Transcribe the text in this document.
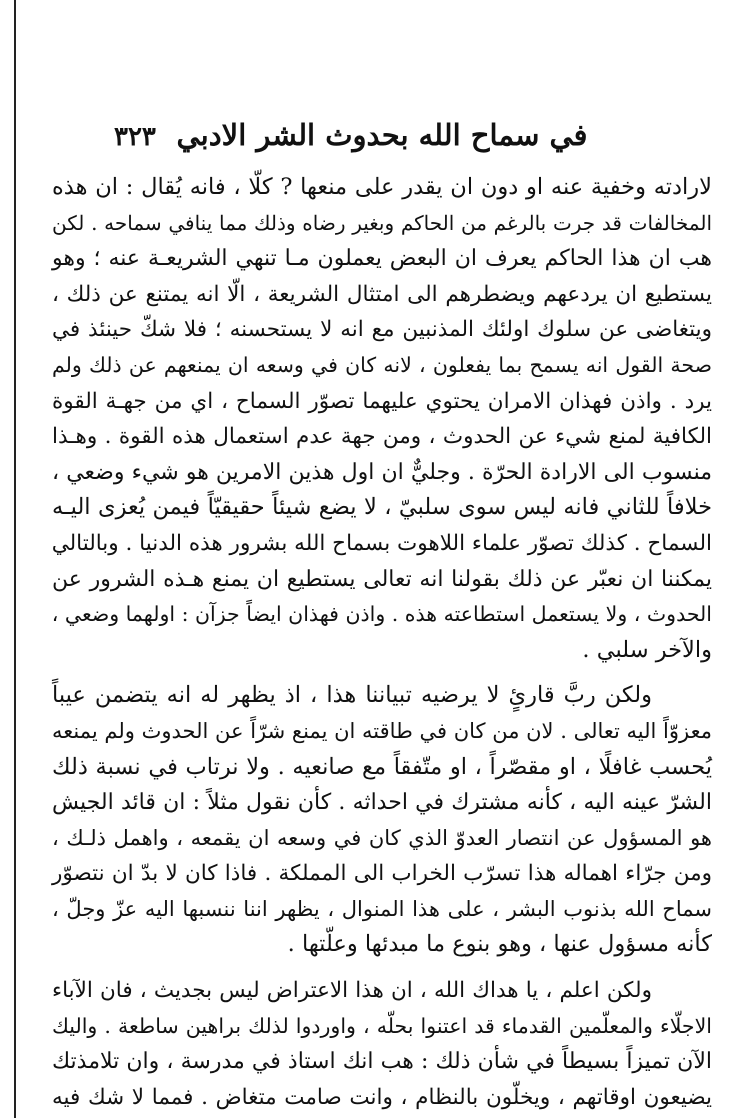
في سماح الله بحدوث الشر الادبي
٣٢٣
لارادته وخفية عنه او دون ان يقدر على منعها ? كلّا ، فانه يُقال : ان هذه
المخالفات قد جرت بالرغم من الحاكم وبغير رضاه وذلك مما ينافي سماحه . لكن
هب ان هذا الحاكم يعرف ان البعض يعملون مـا تنهي الشريعـة عنه ؛ وهو
يستطيع ان يردعهم ويضطرهم الى امتثال الشريعة ، الّا انه يمتنع عن ذلك ،
ويتغاضى عن سلوك اولئك المذنبين مع انه لا يستحسنه ؛ فلا شكّ حينئذ في
صحة القول انه يسمح بما يفعلون ، لانه كان في وسعه ان يمنعهم عن ذلك ولم
يرد . واذن فهذان الامران يحتوي عليهما تصوّر السماح ، اي من جهـة القوة
الكافية لمنع شيء عن الحدوث ، ومن جهة عدم استعمال هذه القوة . وهـذا
منسوب الى الارادة الحرّة . وجليٌّ ان اول هذين الامرين هو شيء وضعي ،
خلافاً للثاني فانه ليس سوى سلبيّ ، لا يضع شيئاً حقيقيّاً فيمن يُعزى اليـه
السماح . كذلك تصوّر علماء اللاهوت بسماح الله بشرور هذه الدنيا . وبالتالي
يمكننا ان نعبّر عن ذلك بقولنا انه تعالى يستطيع ان يمنع هـذه الشرور عن
الحدوث ، ولا يستعمل استطاعته هذه . واذن فهذان ايضاً جزآن : اولهما وضعي ،
والآخر سلبي .
ولكن ربَّ قارئٍ لا يرضيه تبياننا هذا ، اذ يظهر له انه يتضمن عيباً
معزوّاً اليه تعالى . لان من كان في طاقته ان يمنع شرّاً عن الحدوث ولم يمنعه
يُحسب غافلًا ، او مقصّراً ، او متّفقاً مع صانعيه . ولا نرتاب في نسبة ذلك
الشرّ عينه اليه ، كأنه مشترك في احداثه . كأن نقول مثلاً : ان قائد الجيش
هو المسؤول عن انتصار العدوّ الذي كان في وسعه ان يقمعه ، واهمل ذلـك ،
ومن جرّاء اهماله هذا تسرّب الخراب الى المملكة . فاذا كان لا بدّ ان نتصوّر
سماح الله بذنوب البشر ، على هذا المنوال ، يظهر اننا ننسبها اليه عزّ وجلّ ،
كأنه مسؤول عنها ، وهو بنوع ما مبدئها وعلّتها .
ولكن اعلم ، يا هداك الله ، ان هذا الاعتراض ليس بجديث ، فان الآباء
الاجلّاء والمعلّمين القدماء قد اعتنوا بحلّه ، واوردوا لذلك براهين ساطعة . واليك
الآن تميزاً بسيطاً في شأن ذلك : هب انك استاذ في مدرسة ، وان تلامذتك
يضيعون اوقاتهم ، ويخلّون بالنظام ، وانت صامت متغاض . فمما لا شك فيه
